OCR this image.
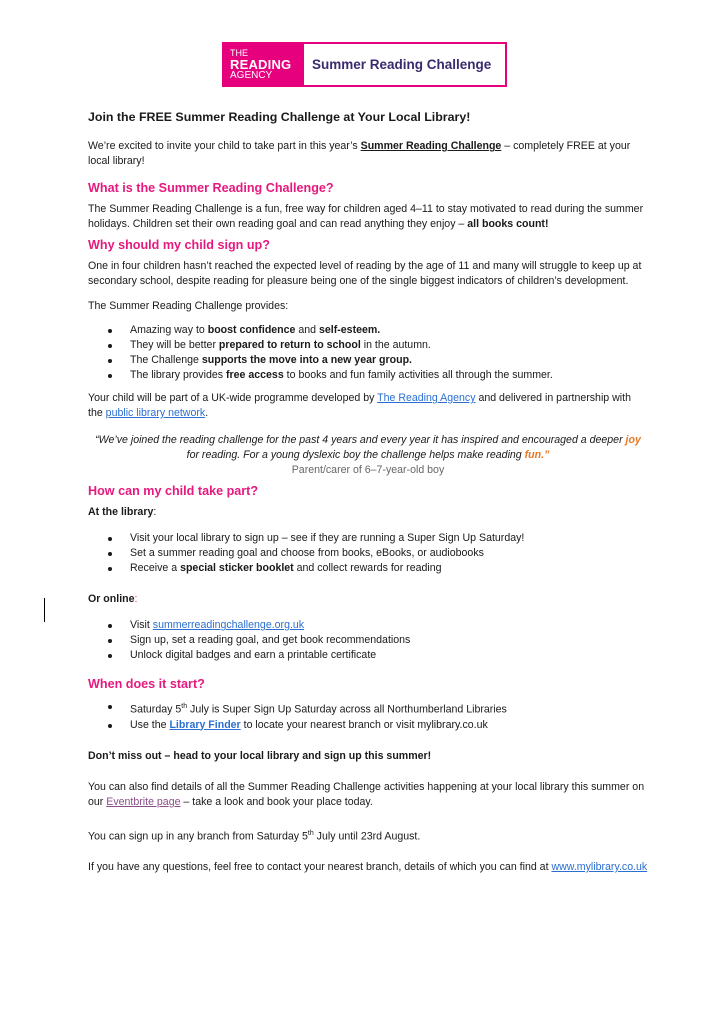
THE
READING
AGENCY
Summer Reading Challenge

Join the FREE Summer Reading Challenge at Your Local Library!

We’re excited to invite your child to take part in this year’s Summer Reading Challenge – completely FREE at your local library!

What is the Summer Reading Challenge?

The Summer Reading Challenge is a fun, free way for children aged 4–11 to stay motivated to read during the summer holidays. Children set their own reading goal and can read anything they enjoy – all books count!

Why should my child sign up?

One in four children hasn’t reached the expected level of reading by the age of 11 and many will struggle to keep up at secondary school, despite reading for pleasure being one of the single biggest indicators of children’s development.

The Summer Reading Challenge provides:

Amazing way to boost confidence and self-esteem.
They will be better prepared to return to school in the autumn.
The Challenge supports the move into a new year group.
The library provides free access to books and fun family activities all through the summer.

Your child will be part of a UK-wide programme developed by The Reading Agency and delivered in partnership with the public library network.

“We’ve joined the reading challenge for the past 4 years and every year it has inspired and encouraged a deeper joy for reading. For a young dyslexic boy the challenge helps make reading fun.”

Parent/carer of 6–7-year-old boy

How can my child take part?

At the library:

Visit your local library to sign up – see if they are running a Super Sign Up Saturday!
Set a summer reading goal and choose from books, eBooks, or audiobooks
Receive a special sticker booklet and collect rewards for reading

Or online:

Visit summerreadingchallenge.org.uk
Sign up, set a reading goal, and get book recommendations
Unlock digital badges and earn a printable certificate
When does it start?
Saturday 5th July is Super Sign Up Saturday across all Northumberland Libraries
Use the Library Finder to locate your nearest branch or visit mylibrary.co.uk

Don’t miss out – head to your local library and sign up this summer!

You can also find details of all the Summer Reading Challenge activities happening at your local library this summer on our Eventbrite page – take a look and book your place today.

You can sign up in any branch from Saturday 5th July until 23rd August.

If you have any questions, feel free to contact your nearest branch, details of which you can find at www.mylibrary.co.uk
